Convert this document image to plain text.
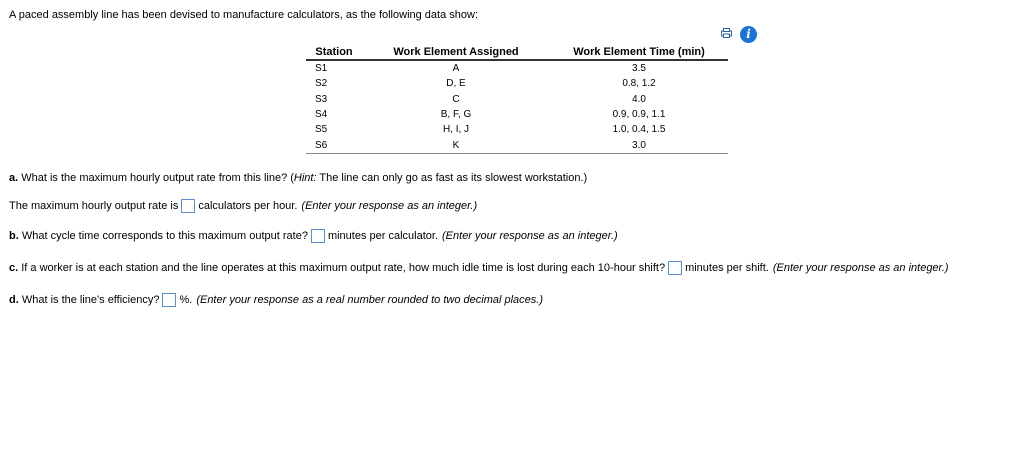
A paced assembly line has been devised to manufacture calculators, as the following data show:
i
Station	Work Element Assigned	Work Element Time (min)
S1	A	3.5
S2	D, E	0.8, 1.2
S3	C	4.0
S4	B, F, G	0.9, 0.9, 1.1
S5	H, I, J	1.0, 0.4, 1.5
S6	K	3.0
a. What is the maximum hourly output rate from this line? ( Hint: The line can only go as fast as its slowest workstation.)
The maximum hourly output rate is calculators per hour. (Enter your response as an integer.)
b. What cycle time corresponds to this maximum output rate? minutes per calculator. (Enter your response as an integer.)
c. If a worker is at each station and the line operates at this maximum output rate, how much idle time is lost during each 10-hour shift? minutes per shift. (Enter your response as an integer.)
d. What is the line's efficiency? %. (Enter your response as a real number rounded to two decimal places.)
